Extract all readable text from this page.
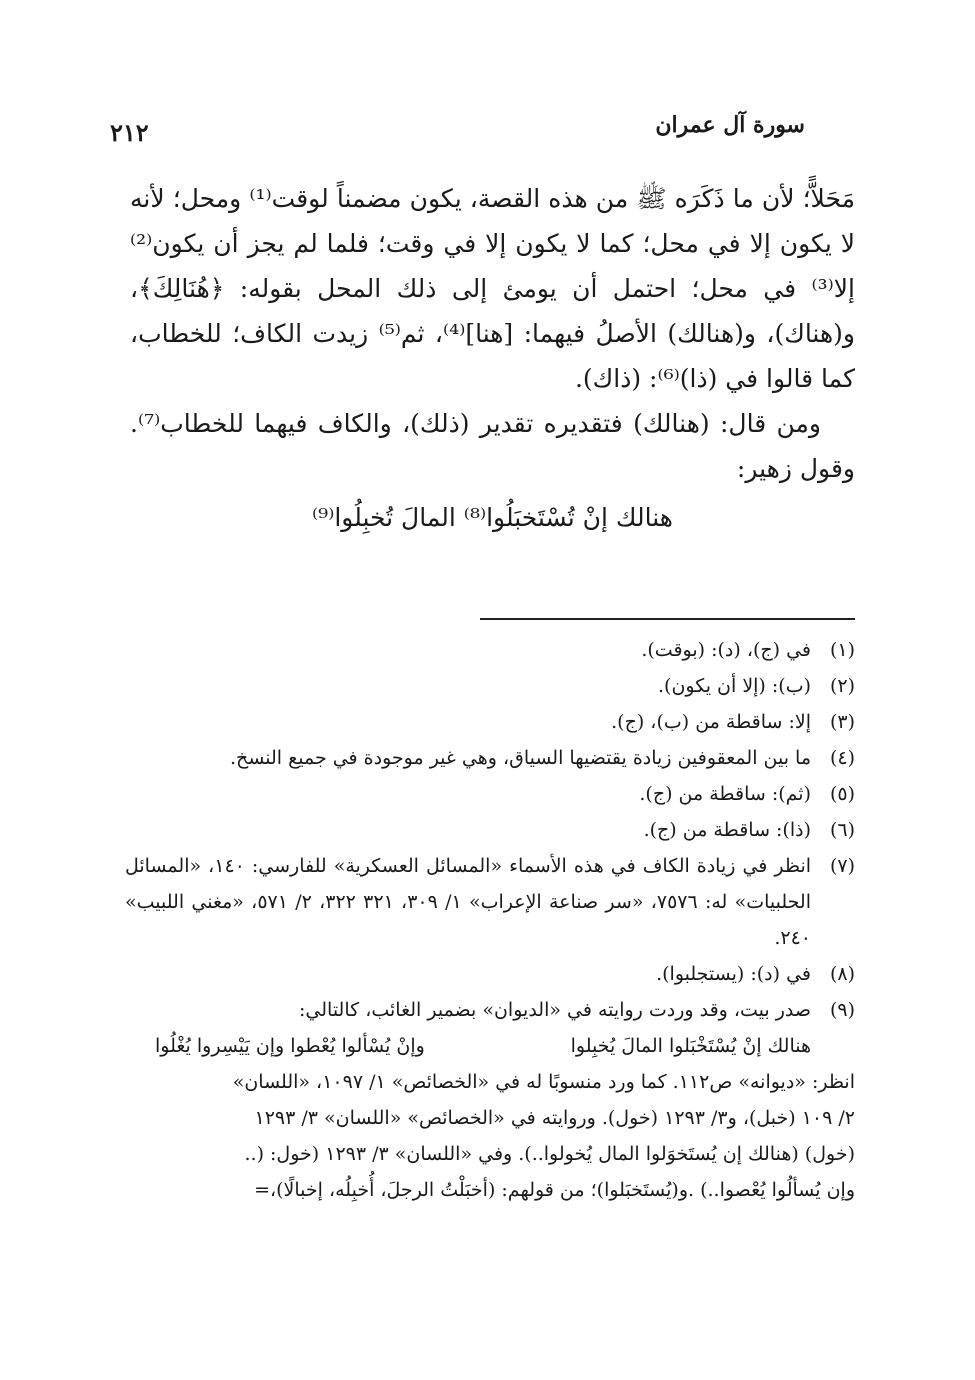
سورة آل عمران
٢١٢

مَحَلاًّ؛ لأن ما ذَكَرَه ﷺ من هذه القصة، يكون مضمناً لوقت⁽¹⁾ ومحل؛ لأنه لا يكون إلا في محل؛ كما لا يكون إلا في وقت؛ فلما لم يجز أن يكون⁽²⁾ إلا⁽³⁾ في محل؛ احتمل أن يومئ إلى ذلك المحل بقوله: ﴿هُنَالِكَ﴾، و(هناك)، و(هنالك) الأصلُ فيهما: [هنا]⁽⁴⁾، ثم⁽⁵⁾ زيدت الكاف؛ للخطاب، كما قالوا في (ذا)⁽⁶⁾: (ذاك).

ومن قال: (هنالك) فتقديره تقدير (ذلك)، والكاف فيهما للخطاب⁽⁷⁾. وقول زهير:

هنالك إنْ تُسْتَخبَلُوا⁽⁸⁾ المالَ تُخبِلُوا⁽⁹⁾

(١)
في (ج)، (د): (بوقت).
(٢)
(ب): (إلا أن يكون).
(٣)
إلا: ساقطة من (ب)، (ج).
(٤)
ما بين المعقوفين زيادة يقتضيها السياق، وهي غير موجودة في جميع النسخ.
(٥)
(ثم): ساقطة من (ج).
(٦)
(ذا): ساقطة من (ج).
(٧)
انظر في زيادة الكاف في هذه الأسماء «المسائل العسكرية» للفارسي: ١٤٠، «المسائل الحلبيات» له: ٧٥٧٦، «سر صناعة الإعراب» ١/ ٣٠٩، ٣٢١ ٣٢٢، ٢/ ٥٧١، «مغني اللبيب» ٢٤٠.
(٨)
في (د): (يستجلبوا).
(٩)
صدر بيت، وقد وردت روايته في «الديوان» بضمير الغائب، كالتالي:
هنالك إنْ يُسْتَخْبَلوا المالَ يُخبِلوا
وإنْ يُسْألوا يُعْطوا وإن يَيْسِروا يُغْلُوا
انظر: «ديوانه» ص١١٢. كما ورد منسوبًا له في «الخصائص» ١/ ١٠٩٧، «اللسان»
٢/ ١٠٩ (خبل)، و٣/ ١٢٩٣ (خول). وروايته في «الخصائص» «اللسان» ٣/ ١٢٩٣
(خول) (هنالك إن يُستَخوَلوا المال يُخولوا..). وفي «اللسان» ٣/ ١٢٩٣ (خول: (..
وإن يُسألُوا يُعْصوا..) .و(يُستَخبَلوا)؛ من قولهم: (أخبَلْتُ الرجلَ، أُخبِلُه، إخبالًا)،=
